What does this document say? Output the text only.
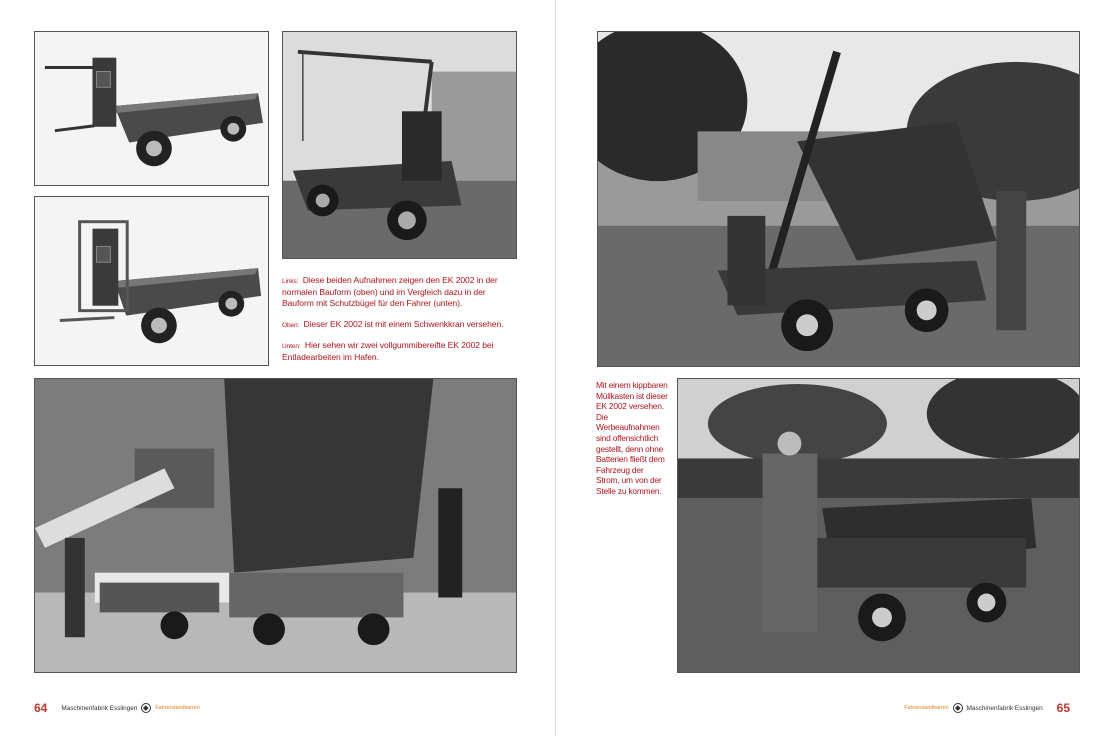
Links: Diese beiden Aufnahmen zeigen den EK 2002 in der normalen Bauform (oben) und im Vergleich dazu in der Bauform mit Schutzbügel für den Fahrer (unten).

Oben: Dieser EK 2002 ist mit einem Schwenkkran versehen.

Unten: Hier sehen wir zwei vollgummibereifte EK 2002 bei Entladearbeiten im Hafen.

64 Maschinenfabrik Esslingen	Fahrerstandkarren
Mit einem kippbaren Müllkasten ist dieser EK 2002 versehen. Die Werbeaufnahmen sind offensichtlich gestellt, denn ohne Batterien fließt dem Fahrzeug der Strom, um von der Stelle zu kommen.
Fahrerstandkarren	Maschinenfabrik Esslingen 65
